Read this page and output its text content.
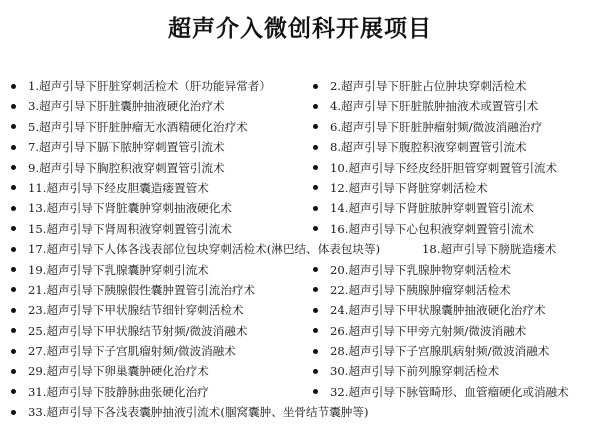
超声介入微创科开展项目
1.超声引导下肝脏穿刺活检术（肝功能异常者）	2.超声引导下肝脏占位肿块穿刺活检术
3.超声引导下肝脏囊肿抽液硬化治疗术	4.超声引导下肝脏脓肿抽液术或置管引术
5.超声引导下肝脏肿瘤无水酒精硬化治疗术	6.超声引导下肝脏肿瘤射频/微波消融治疗
7.超声引导下膈下脓肿穿刺置管引流术	8.超声引导下腹腔积液穿刺置管引流术
9.超声引导下胸腔积液穿刺置管引流术	10.超声引导下经皮经肝胆管穿刺置管引流术
11.超声引导下经皮胆囊造瘘置管术	12.超声引导下肾脏穿刺活检术
13.超声引导下肾脏囊肿穿刺抽液硬化术	14.超声引导下肾脏脓肿穿刺置管引流术
15.超声引导下肾周积液穿刺置管引流术	16.超声引导下心包积液穿刺置管引流术
17.超声引导下人体各浅表部位包块穿刺活检术(淋巴结、体表包块等)	18.超声引导下膀胱造瘘术
19.超声引导下乳腺囊肿穿刺引流术	20.超声引导下乳腺肿物穿刺活检术
21.超声引导下胰腺假性囊肿置管引流治疗术	22.超声引导下胰腺肿瘤穿刺活检术
23.超声引导下甲状腺结节细针穿刺活检术	24.超声引导下甲状腺囊肿抽液硬化治疗术
25.超声引导下甲状腺结节射频/微波消融术	26.超声引导下甲旁亢射频/微波消融术
27.超声引导下子宫肌瘤射频/微波消融术	28.超声引导下子宫腺肌病射频/微波消融术
29.超声引导下卵巢囊肿硬化治疗术	30.超声引导下前列腺穿刺活检术
31.超声引导下肢静脉曲张硬化治疗	32.超声引导下脉管畸形、血管瘤硬化或消融术
33.超声引导下各浅表囊肿抽液引流术(腘窝囊肿、坐骨结节囊肿等)
